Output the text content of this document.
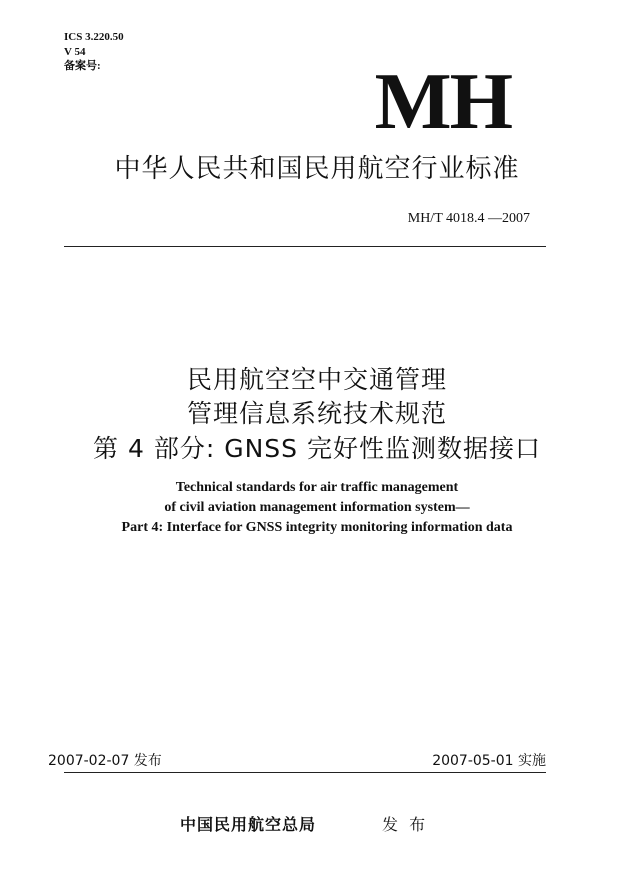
ICS 3.220.50
V 54
备案号:	MH
中华人民共和国民用航空行业标准
MH/T 4018.4 —2007
民用航空空中交通管理
管理信息系统技术规范
第 4 部分: GNSS 完好性监测数据接口
Technical standards for air traffic management
of civil aviation management information system—
Part 4: Interface for GNSS integrity monitoring information data
2007-02-07 发布	2007-05-01 实施
中国民用航空总局	发 布
